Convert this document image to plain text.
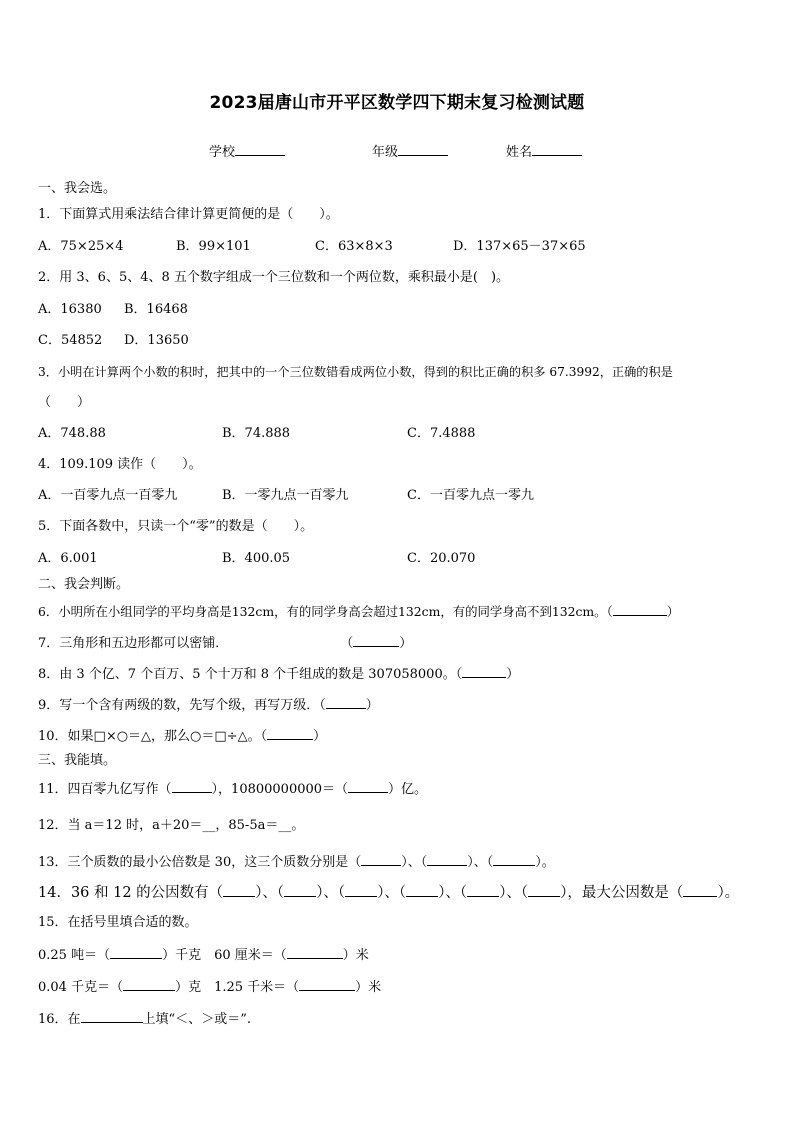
2023届唐山市开平区数学四下期末复习检测试题
学校	年级	姓名
一、我会选。
1．下面算式用乘法结合律计算更简便的是（　　）。
A．75×25×4	B．99×101	C．63×8×3	D．137×65－37×65
2．用 3、6、5、4、8 五个数字组成一个三位数和一个两位数，乘积最小是(　)。
A．16380 B．16468
C．54852 D．13650
3．小明在计算两个小数的积时，把其中的一个三位数错看成两位小数，得到的积比正确的积多 67.3992，正确的积是
（　　）
A．748.88	B．74.888	C．7.4888
4．109.109 读作（　　）。
A．一百零九点一百零九	B．一零九点一百零九	C．一百零九点一零九
5．下面各数中，只读一个“零”的数是（　　）。
A．6.001	B．400.05	C．20.070
二、我会判断。
6．小明所在小组同学的平均身高是132cm，有的同学身高会超过132cm，有的同学身高不到132cm。（	）
7．三角形和五边形都可以密铺．	（	）
8．由 3 个亿、7 个百万、5 个十万和 8 个千组成的数是 307058000。（	）
9．写一个含有两级的数，先写个级，再写万级．（	）
10．如果□×○＝△，那么○＝□÷△。（	）
三、我能填。
11．四百零九亿写作（	），10800000000＝（	）亿。
12．当 a＝12 时，a＋20＝__，85-5a＝__。
13．三个质数的最小公倍数是 30，这三个质数分别是（	）、（	）、（	）。
14．36 和 12 的公因数有（ ）、（ ）、（ ）、（ ）、（ ）、（ ），最大公因数是（ ）。
15．在括号里填合适的数。
0.25 吨＝（	）千克　60 厘米＝（	）米
0.04 千克＝（	）克　1.25 千米＝（	）米
16．在	上填“＜、＞或＝”.
